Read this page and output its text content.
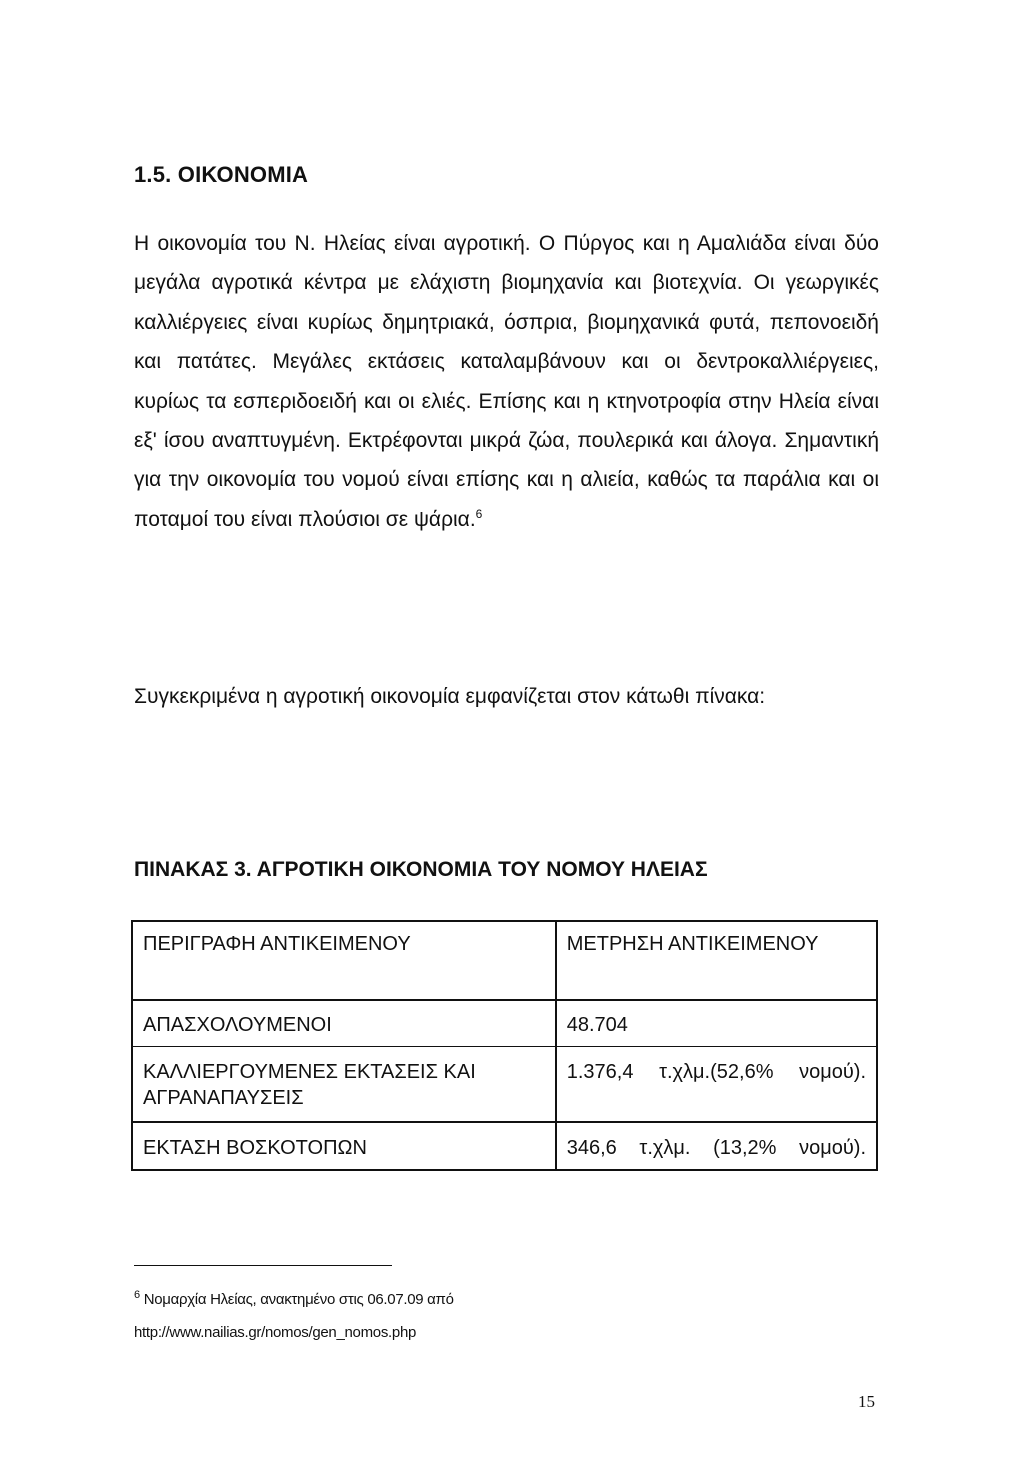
1.5. ΟΙΚΟΝΟΜΙΑ

Η οικονομία του Ν. Ηλείας είναι αγροτική. Ο Πύργος και η Αμαλιάδα είναι δύο μεγάλα αγροτικά κέντρα με ελάχιστη βιομηχανία και βιοτεχνία. Οι γεωργικές καλλιέργειες είναι κυρίως δημητριακά, όσπρια, βιομηχανικά φυτά, πεπονοειδή και πατάτες. Μεγάλες εκτάσεις καταλαμβάνουν και οι δεντροκαλλιέργειες, κυρίως τα εσπεριδοειδή και οι ελιές. Επίσης και η κτηνοτροφία στην Ηλεία είναι εξ' ίσου αναπτυγμένη. Εκτρέφονται μικρά ζώα, πουλερικά και άλογα. Σημαντική για την οικονομία του νομού είναι επίσης και η αλιεία, καθώς τα παράλια και οι ποταμοί του είναι πλούσιοι σε ψάρια.$^6$

Συγκεκριμένα η αγροτική οικονομία εμφανίζεται στον κάτωθι πίνακα:

ΠΙΝΑΚΑΣ 3. ΑΓΡΟΤΙΚΗ ΟΙΚΟΝΟΜΙΑ ΤΟΥ ΝΟΜΟΥ ΗΛΕΙΑΣ
ΠΕΡΙΓΡΑΦΗ ΑΝΤΙΚΕΙΜΕΝΟΥ	ΜΕΤΡΗΣΗ ΑΝΤΙΚΕΙΜΕΝΟΥ
ΑΠΑΣΧΟΛΟΥΜΕΝΟΙ	48.704
ΚΑΛΛΙΕΡΓΟΥΜΕΝΕΣ ΕΚΤΑΣΕΙΣ ΚΑΙ ΑΓΡΑΝΑΠΑΥΣΕΙΣ	1.376,4 τ.χλμ.(52,6% νομού).
ΕΚΤΑΣΗ ΒΟΣΚΟΤΟΠΩΝ	346,6 τ.χλμ. (13,2% νομού).
$^6$ Νομαρχία Ηλείας, ανακτημένο στις 06.07.09 από
http://www.nailias.gr/nomos/gen_nomos.php
15
